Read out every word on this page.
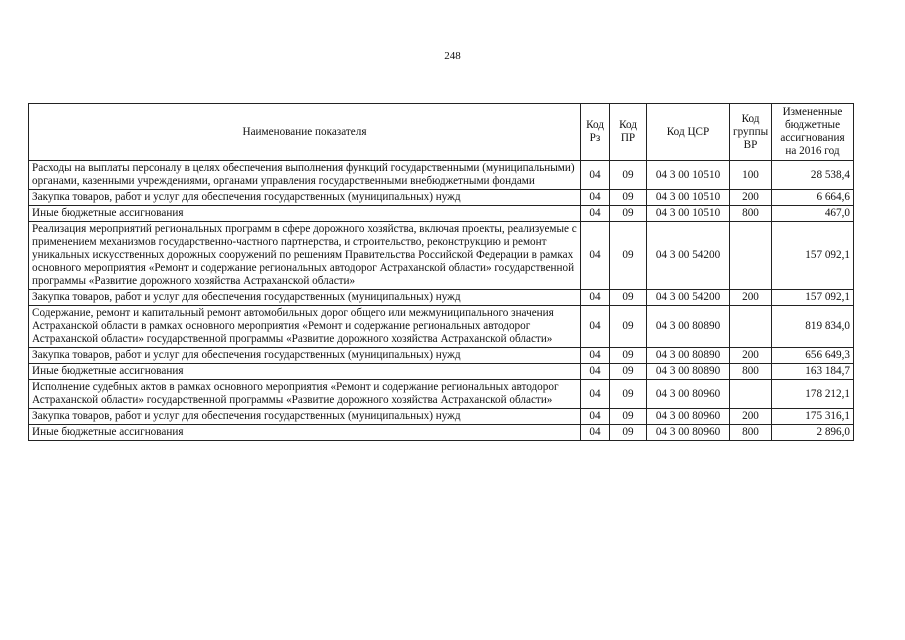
248
Наименование показателя	Код Рз	Код ПР	Код ЦСР	Код группы ВР	Измененные бюджетные ассигнования на 2016 год
Расходы на выплаты персоналу в целях обеспечения выполнения функций государственными (муниципальными) органами, казенными учреждениями, органами управления государственными внебюджетными фондами	04	09	04 3 00 10510	100	28 538,4
Закупка товаров, работ и услуг для обеспечения государственных (муниципальных) нужд	04	09	04 3 00 10510	200	6 664,6
Иные бюджетные ассигнования	04	09	04 3 00 10510	800	467,0
Реализация мероприятий региональных программ в сфере дорожного хозяйства, включая проекты, реализуемые с применением механизмов государственно-частного партнерства, и строительство, реконструкцию и ремонт уникальных искусственных дорожных сооружений по решениям Правительства Российской Федерации в рамках основного мероприятия «Ремонт и содержание региональных автодорог Астраханской области» государственной программы «Развитие дорожного хозяйства Астраханской области»	04	09	04 3 00 54200		157 092,1
Закупка товаров, работ и услуг для обеспечения государственных (муниципальных) нужд	04	09	04 3 00 54200	200	157 092,1
Содержание, ремонт и капитальный ремонт автомобильных дорог общего или межмуниципального значения Астраханской области в рамках основного мероприятия «Ремонт и содержание региональных автодорог Астраханской области» государственной программы «Развитие дорожного хозяйства Астраханской области»	04	09	04 3 00 80890		819 834,0
Закупка товаров, работ и услуг для обеспечения государственных (муниципальных) нужд	04	09	04 3 00 80890	200	656 649,3
Иные бюджетные ассигнования	04	09	04 3 00 80890	800	163 184,7
Исполнение судебных актов в рамках основного мероприятия «Ремонт и содержание региональных автодорог Астраханской области» государственной программы «Развитие дорожного хозяйства Астраханской области»	04	09	04 3 00 80960		178 212,1
Закупка товаров, работ и услуг для обеспечения государственных (муниципальных) нужд	04	09	04 3 00 80960	200	175 316,1
Иные бюджетные ассигнования	04	09	04 3 00 80960	800	2 896,0
